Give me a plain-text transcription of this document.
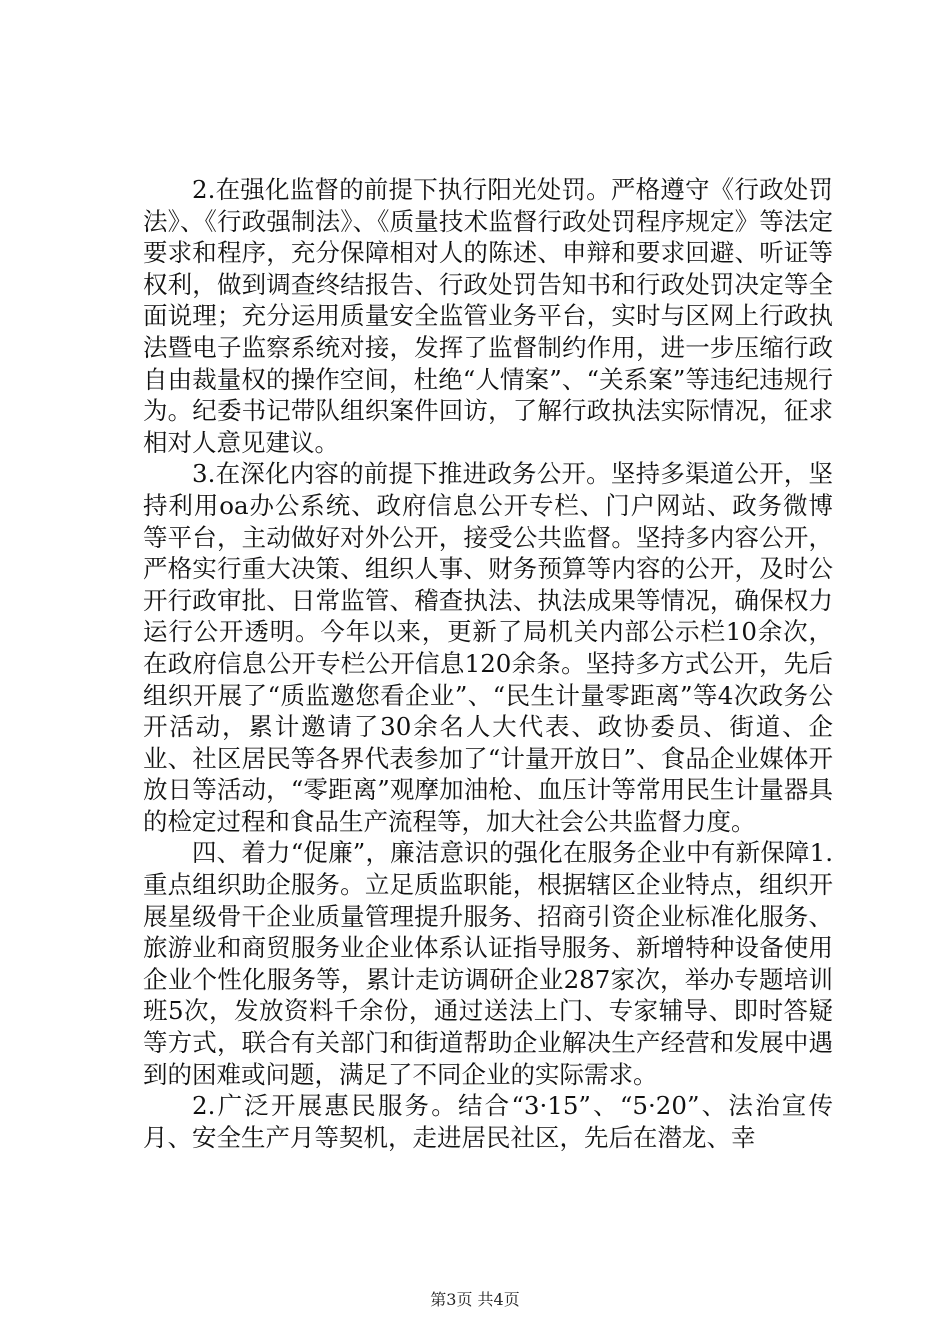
2.在强化监督的前提下执行阳光处罚。严格遵守《行政处罚法》、《行政强制法》、《质量技术监督行政处罚程序规定》等法定要求和程序，充分保障相对人的陈述、申辩和要求回避、听证等权利，做到调查终结报告、行政处罚告知书和行政处罚决定等全面说理；充分运用质量安全监管业务平台，实时与区网上行政执法暨电子监察系统对接，发挥了监督制约作用，进一步压缩行政自由裁量权的操作空间，杜绝“人情案”、“关系案”等违纪违规行为。纪委书记带队组织案件回访，了解行政执法实际情况，征求相对人意见建议。

3.在深化内容的前提下推进政务公开。坚持多渠道公开，坚持利用oa办公系统、政府信息公开专栏、门户网站、政务微博等平台，主动做好对外公开，接受公共监督。坚持多内容公开，严格实行重大决策、组织人事、财务预算等内容的公开，及时公开行政审批、日常监管、稽查执法、执法成果等情况，确保权力运行公开透明。今年以来，更新了局机关内部公示栏10余次，在政府信息公开专栏公开信息120余条。坚持多方式公开，先后组织开展了“质监邀您看企业”、“民生计量零距离”等4次政务公开活动，累计邀请了30余名人大代表、政协委员、街道、企业、社区居民等各界代表参加了“计量开放日”、食品企业媒体开放日等活动，“零距离”观摩加油枪、血压计等常用民生计量器具的检定过程和食品生产流程等，加大社会公共监督力度。

四、着力“促廉”，廉洁意识的强化在服务企业中有新保障1.重点组织助企服务。立足质监职能，根据辖区企业特点，组织开展星级骨干企业质量管理提升服务、招商引资企业标准化服务、旅游业和商贸服务业企业体系认证指导服务、新增特种设备使用企业个性化服务等，累计走访调研企业287家次，举办专题培训班5次，发放资料千余份，通过送法上门、专家辅导、即时答疑等方式，联合有关部门和街道帮助企业解决生产经营和发展中遇到的困难或问题，满足了不同企业的实际需求。

2.广泛开展惠民服务。结合“3·15”、“5·20”、法治宣传月、安全生产月等契机，走进居民社区，先后在潜龙、幸

第3页 共4页
